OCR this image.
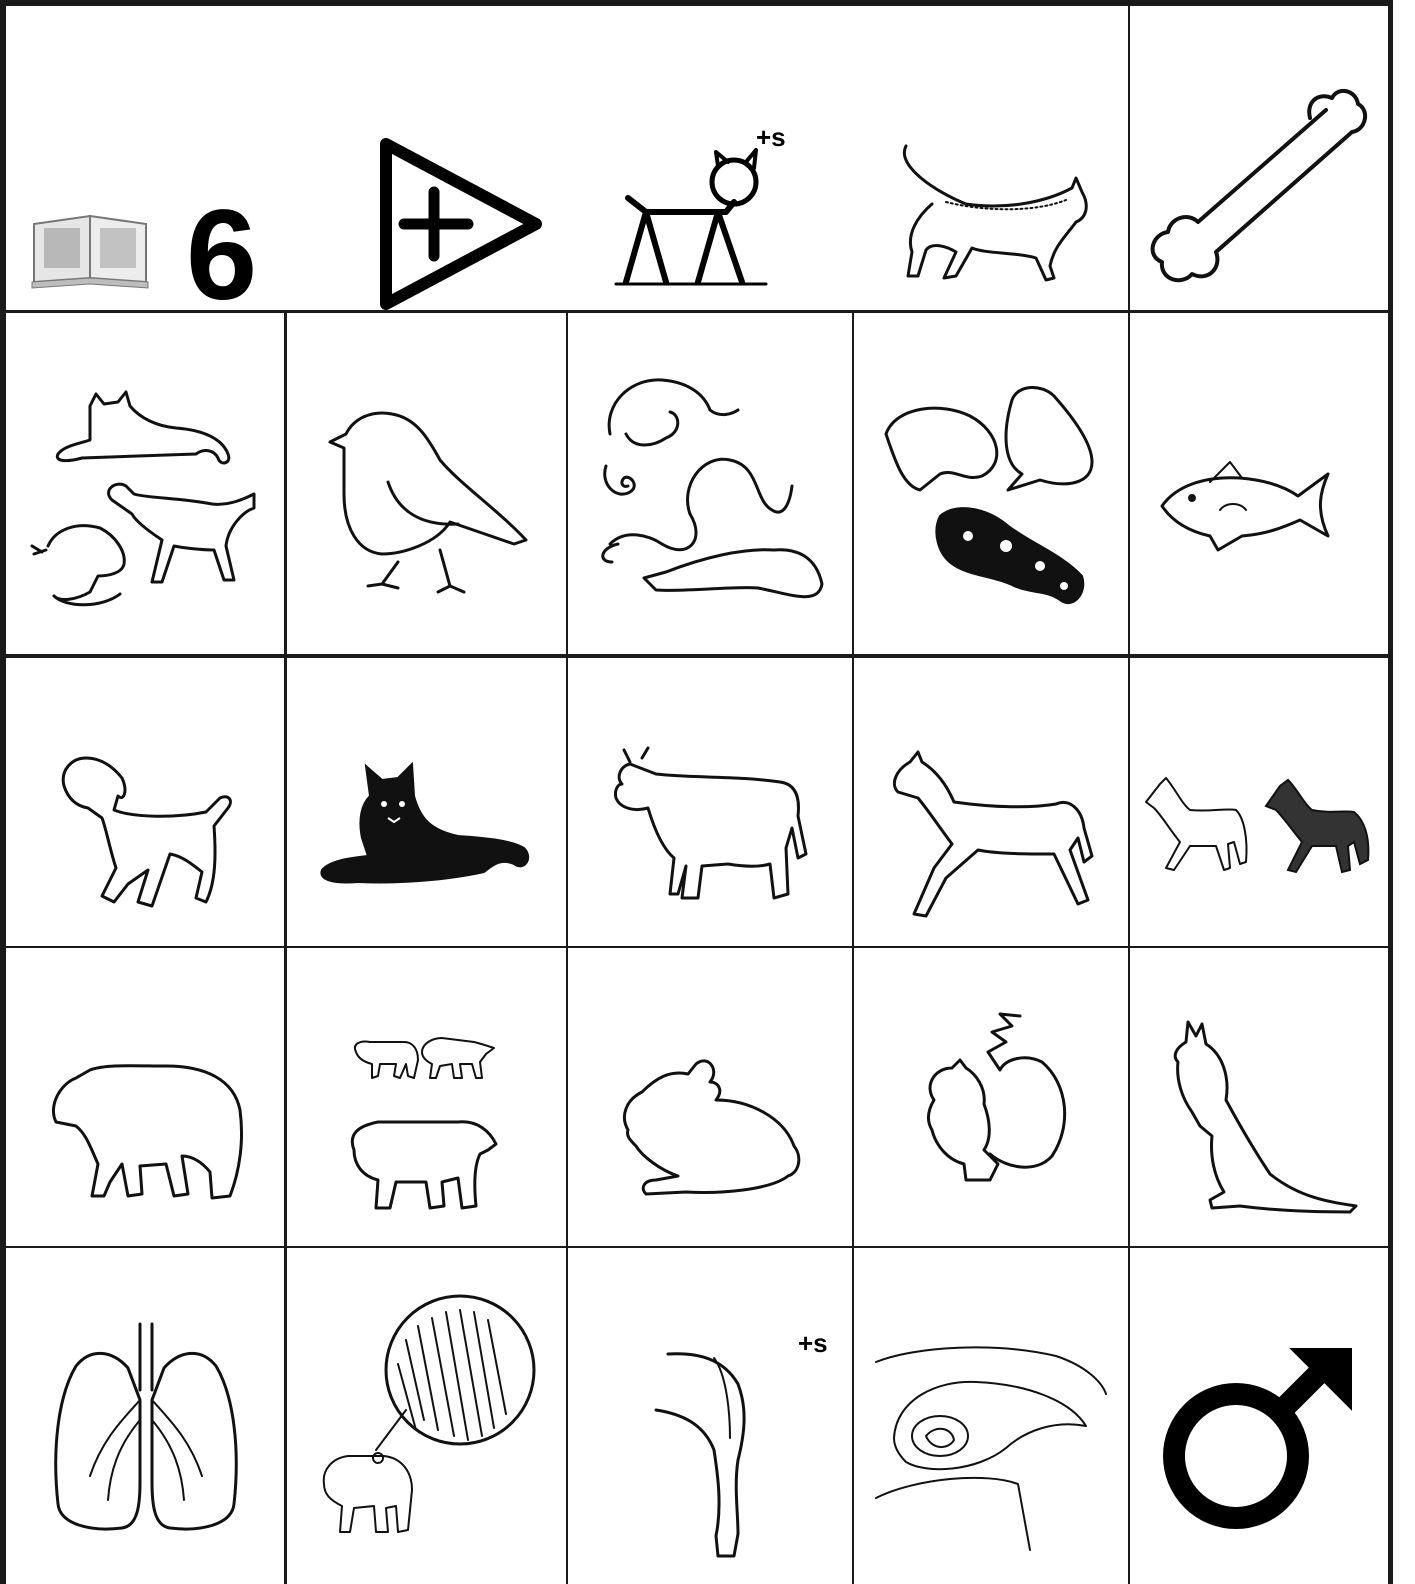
6
+s
+s
